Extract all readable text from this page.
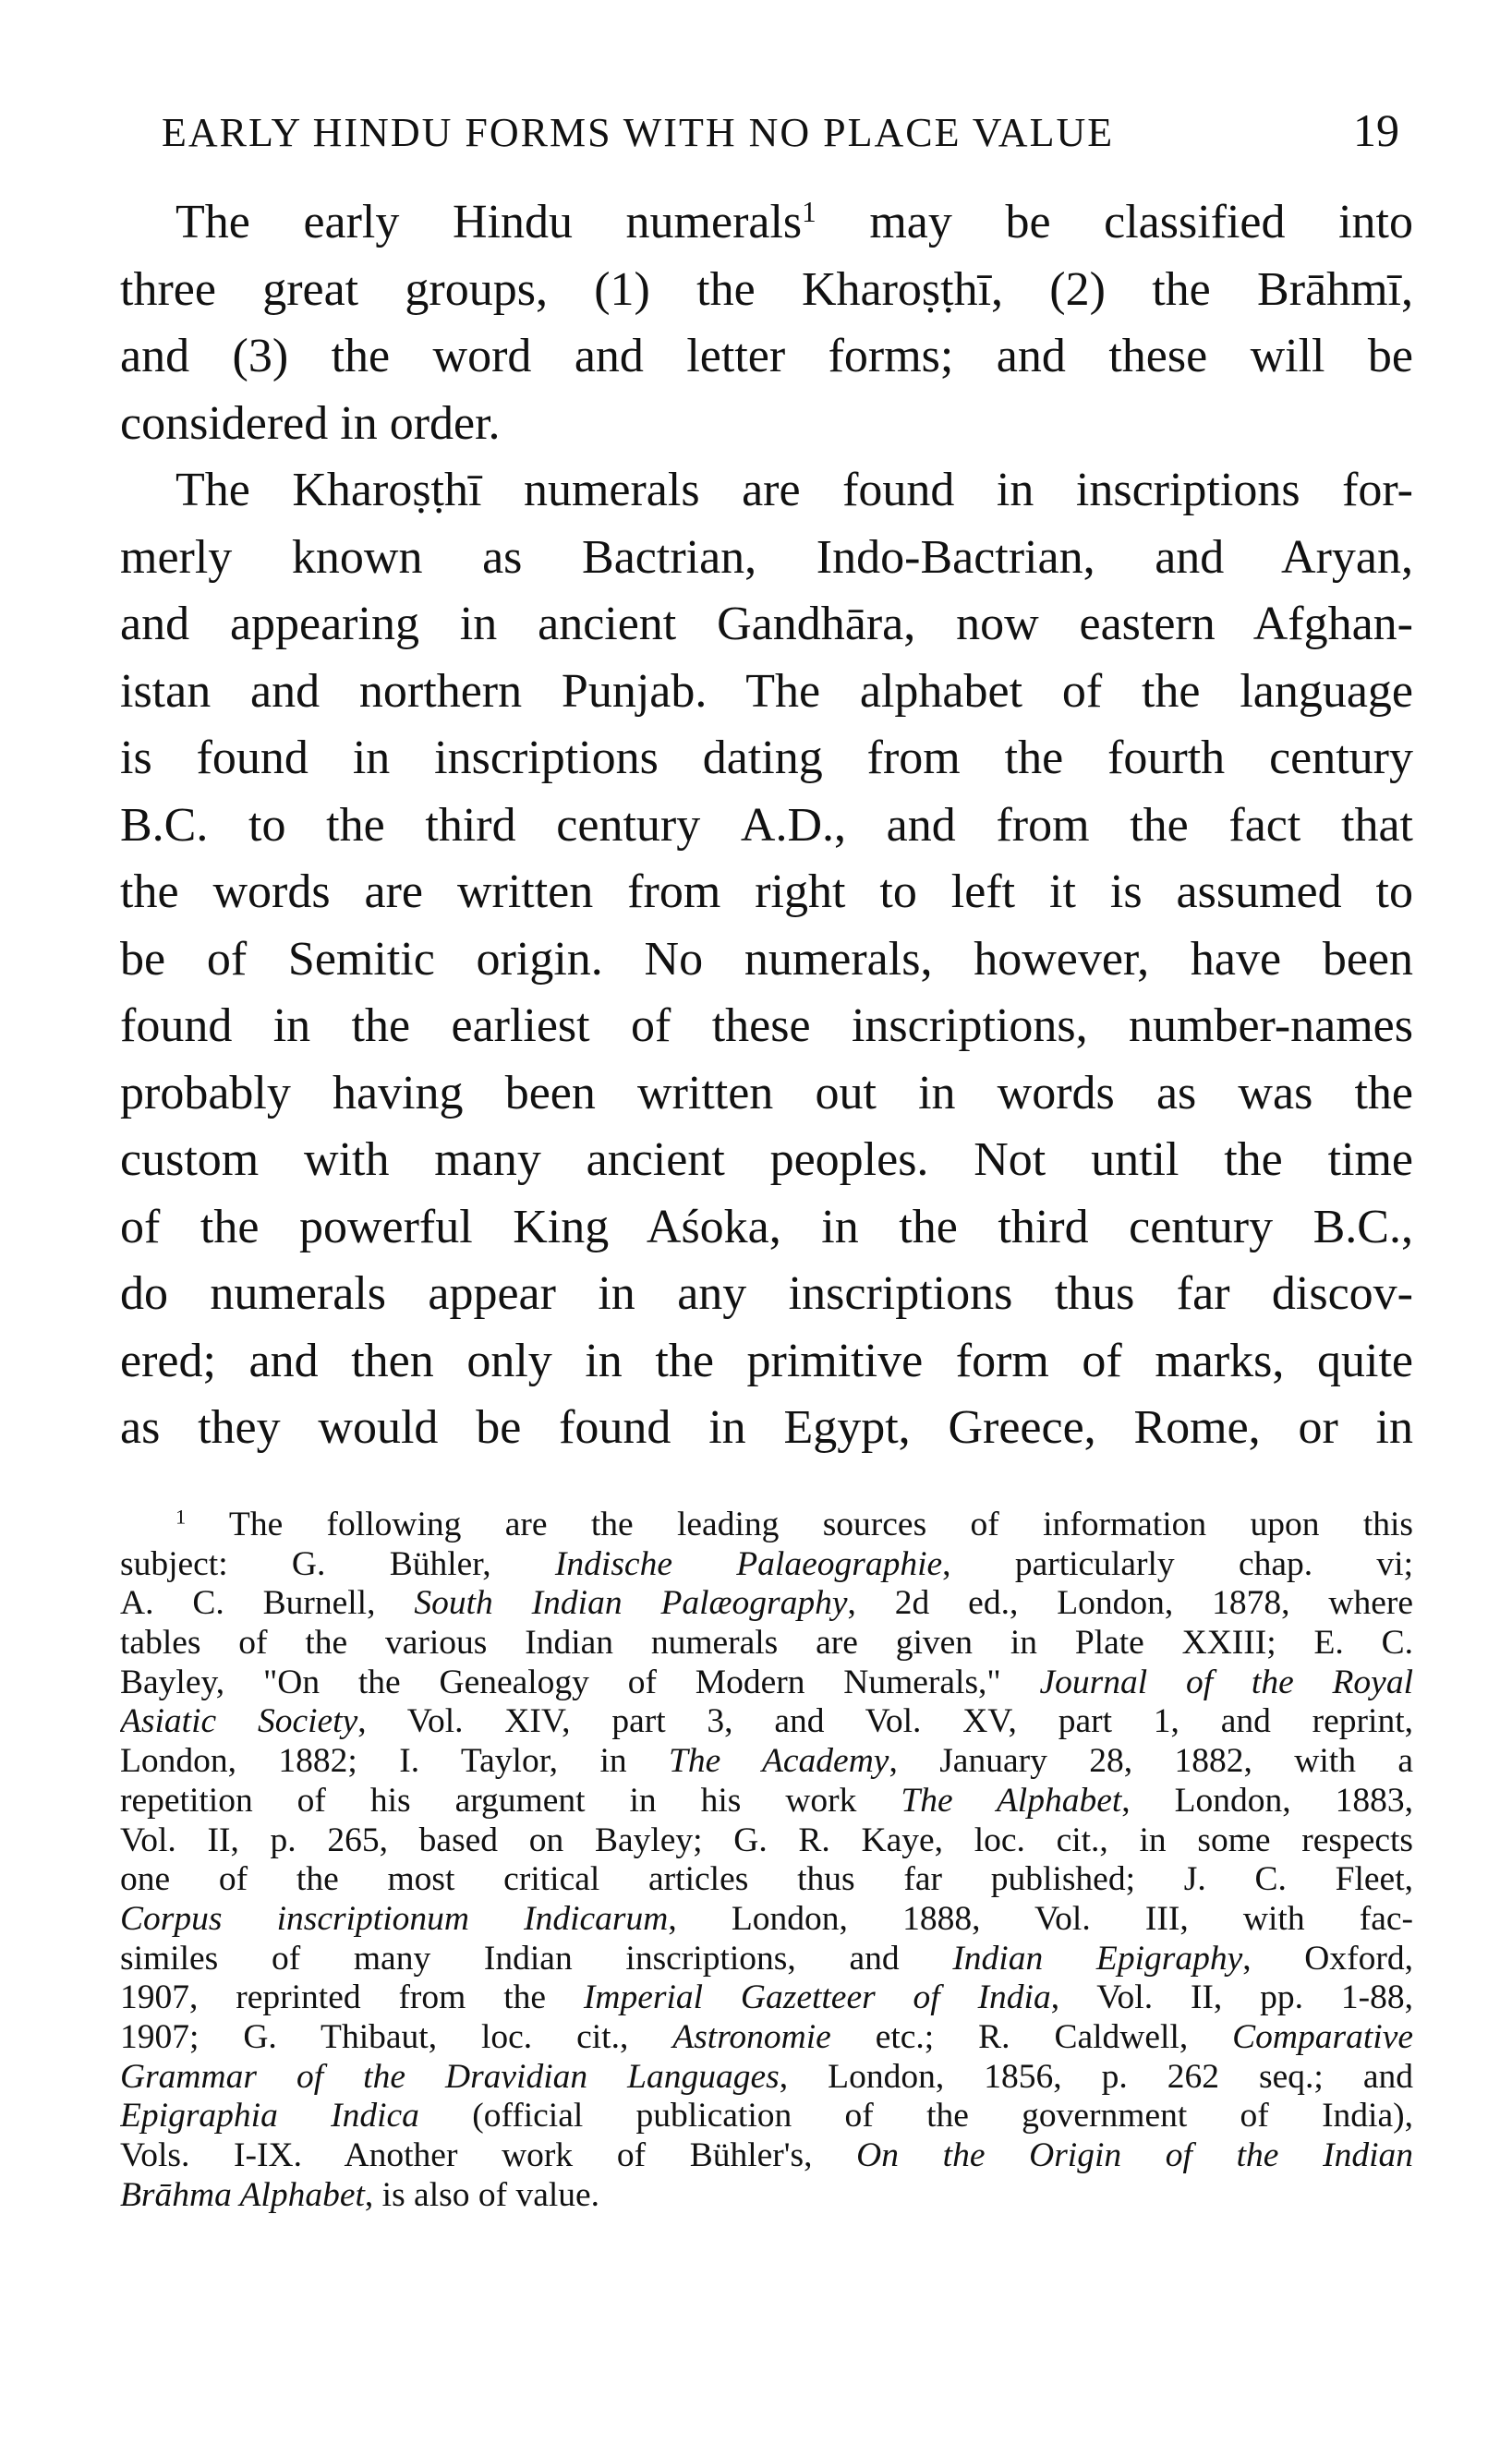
EARLY HINDU FORMS WITH NO PLACE VALUE	19
The early Hindu numerals$^1$ may be classified into
three great groups, (1) the Kharoṣṭhī, (2) the Brāhmī,
and (3) the word and letter forms; and these will be
considered in order.
The Kharoṣṭhī numerals are found in inscriptions for-
merly known as Bactrian, Indo-Bactrian, and Aryan,
and appearing in ancient Gandhāra, now eastern Afghan-
istan and northern Punjab. The alphabet of the language
is found in inscriptions dating from the fourth century
B.C. to the third century A.D., and from the fact that
the words are written from right to left it is assumed to
be of Semitic origin. No numerals, however, have been
found in the earliest of these inscriptions, number-names
probably having been written out in words as was the
custom with many ancient peoples. Not until the time
of the powerful King Aśoka, in the third century B.C.,
do numerals appear in any inscriptions thus far discov-
ered; and then only in the primitive form of marks, quite
as they would be found in Egypt, Greece, Rome, or in
$^1$ The following are the leading sources of information upon this
subject: G. Bühler, Indische Palaeographie, particularly chap. vi;
A. C. Burnell, South Indian Palæography, 2d ed., London, 1878, where
tables of the various Indian numerals are given in Plate XXIII; E. C.
Bayley, "On the Genealogy of Modern Numerals," Journal of the Royal
Asiatic Society, Vol. XIV, part 3, and Vol. XV, part 1, and reprint,
London, 1882; I. Taylor, in The Academy, January 28, 1882, with a
repetition of his argument in his work The Alphabet, London, 1883,
Vol. II, p. 265, based on Bayley; G. R. Kaye, loc. cit., in some respects
one of the most critical articles thus far published; J. C. Fleet,
Corpus inscriptionum Indicarum, London, 1888, Vol. III, with fac-
similes of many Indian inscriptions, and Indian Epigraphy, Oxford,
1907, reprinted from the Imperial Gazetteer of India, Vol. II, pp. 1-88,
1907; G. Thibaut, loc. cit., Astronomie etc.; R. Caldwell, Comparative
Grammar of the Dravidian Languages, London, 1856, p. 262 seq.; and
Epigraphia Indica (official publication of the government of India),
Vols. I-IX. Another work of Bühler's, On the Origin of the Indian
Brāhma Alphabet, is also of value.
